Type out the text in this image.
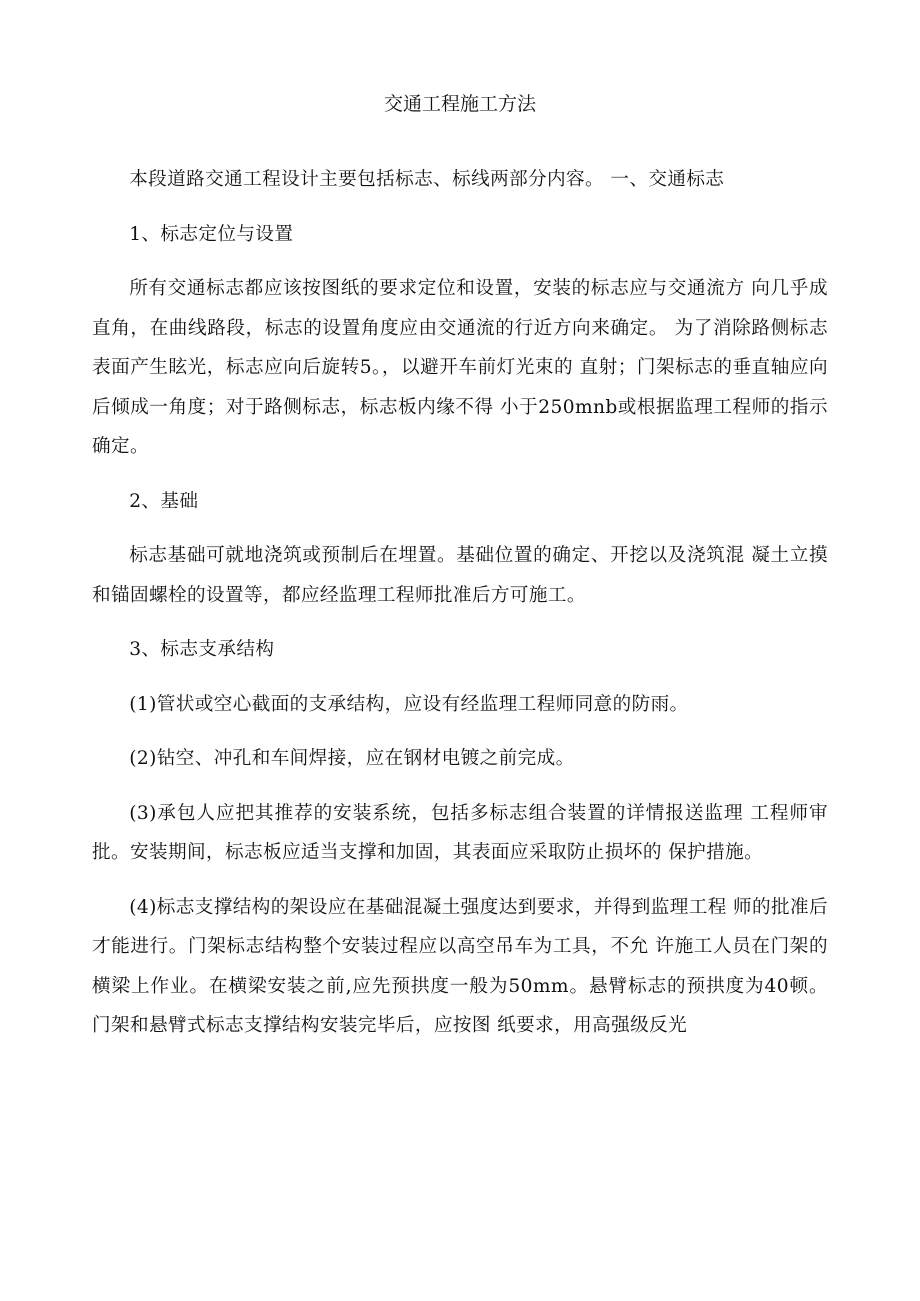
交通工程施工方法

本段道路交通工程设计主要包括标志、标线两部分内容。 一、交通标志

1、标志定位与设置

所有交通标志都应该按图纸的要求定位和设置，安装的标志应与交通流方 向几乎成直角，在曲线路段，标志的设置角度应由交通流的行近方向来确定。 为了消除路侧标志表面产生眩光，标志应向后旋转5。，以避开车前灯光束的 直射；门架标志的垂直轴应向后倾成一角度；对于路侧标志，标志板内缘不得 小于250mnb或根据监理工程师的指示确定。

2、基础

标志基础可就地浇筑或预制后在埋置。基础位置的确定、开挖以及浇筑混 凝土立摸和锚固螺栓的设置等，都应经监理工程师批准后方可施工。

3、标志支承结构

(1)管状或空心截面的支承结构，应设有经监理工程师同意的防雨。

(2)钻空、冲孔和车间焊接，应在钢材电镀之前完成。

(3)承包人应把其推荐的安装系统，包括多标志组合装置的详情报送监理 工程师审批。安装期间，标志板应适当支撑和加固，其表面应采取防止损坏的 保护措施。

(4)标志支撑结构的架设应在基础混凝土强度达到要求，并得到监理工程 师的批准后才能进行。门架标志结构整个安装过程应以高空吊车为工具，不允 许施工人员在门架的横梁上作业。在横梁安装之前,应先预拱度一般为50mm。悬臂标志的预拱度为40顿。门架和悬臂式标志支撑结构安装完毕后，应按图 纸要求，用高强级反光
